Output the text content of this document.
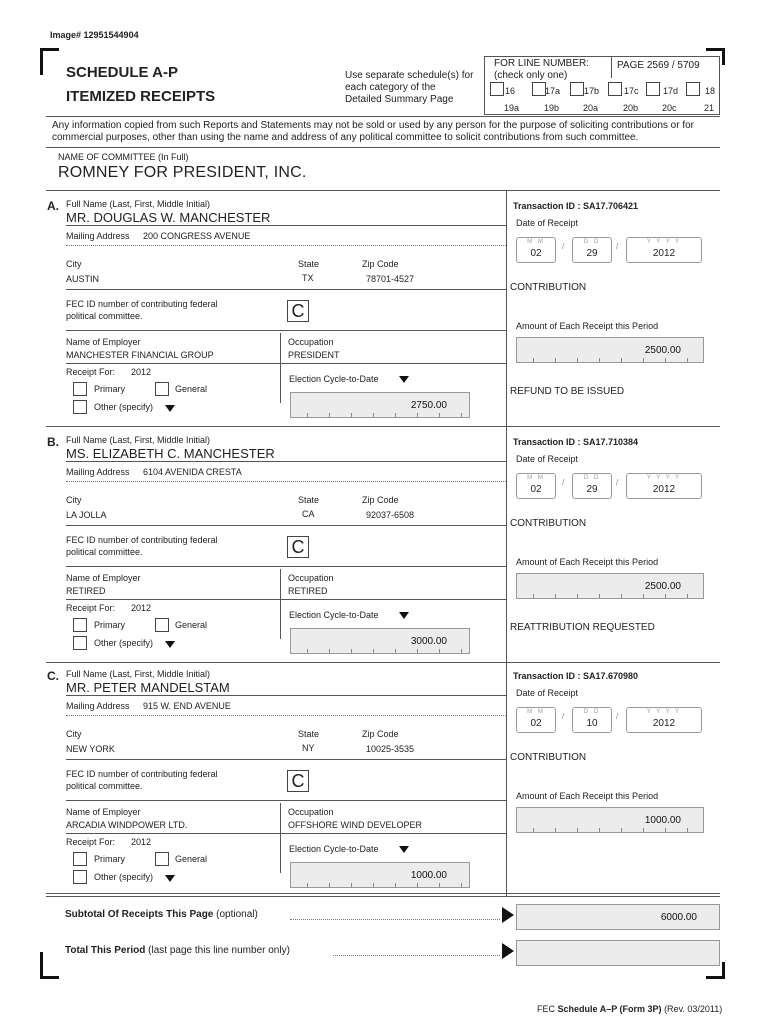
Image# 12951544904
SCHEDULE A-P
ITEMIZED RECEIPTS
Use separate schedule(s) for each category of the Detailed Summary Page
FOR LINE NUMBER:
(check only one)
PAGE 2569 / 5709
16	17a	17b	17c	17d	18
19a	19b	20a	20b	20c	21
Any information copied from such Reports and Statements may not be sold or used by any person for the purpose of soliciting contributions or for commercial purposes, other than using the name and address of any political committee to solicit contributions from such committee.
NAME OF COMMITTEE (In Full)
ROMNEY FOR PRESIDENT, INC.
A. Full Name (Last, First, Middle Initial)
MR. DOUGLAS W. MANCHESTER
Mailing Address 200 CONGRESS AVENUE
City	State	Zip Code
AUSTIN	TX	78701-4527
FEC ID number of contributing federal political committee.	C
Name of Employer	Occupation
MANCHESTER FINANCIAL GROUP	PRESIDENT
Receipt For: 2012
Primary	General
Other (specify)
Election Cycle-to-Date
2750.00
Transaction ID : SA17.706421
Date of Receipt
M M
02
/	D D
29
/	Y Y Y Y
2012
CONTRIBUTION
Amount of Each Receipt this Period
2500.00
REFUND TO BE ISSUED
B. Full Name (Last, First, Middle Initial)
MS. ELIZABETH C. MANCHESTER
Mailing Address 6104 AVENIDA CRESTA
City	State	Zip Code
LA JOLLA	CA	92037-6508
FEC ID number of contributing federal political committee.	C
Name of Employer	Occupation
RETIRED	RETIRED
Receipt For: 2012
Primary	General
Other (specify)
Election Cycle-to-Date
3000.00
Transaction ID : SA17.710384
Date of Receipt
M M
02
/	D D
29
/	Y Y Y Y
2012
CONTRIBUTION
Amount of Each Receipt this Period
2500.00
REATTRIBUTION REQUESTED
C. Full Name (Last, First, Middle Initial)
MR. PETER MANDELSTAM
Mailing Address 915 W. END AVENUE
City	State	Zip Code
NEW YORK	NY	10025-3535
FEC ID number of contributing federal political committee.	C
Name of Employer	Occupation
ARCADIA WINDPOWER LTD.	OFFSHORE WIND DEVELOPER
Receipt For: 2012
Primary	General
Other (specify)
Election Cycle-to-Date
1000.00
Transaction ID : SA17.670980
Date of Receipt
M M
02
/	D D
10
/	Y Y Y Y
2012
CONTRIBUTION
Amount of Each Receipt this Period
1000.00
Subtotal Of Receipts This Page (optional)	6000.00
Total This Period (last page this line number only)
FEC Schedule A–P (Form 3P) (Rev. 03/2011)
